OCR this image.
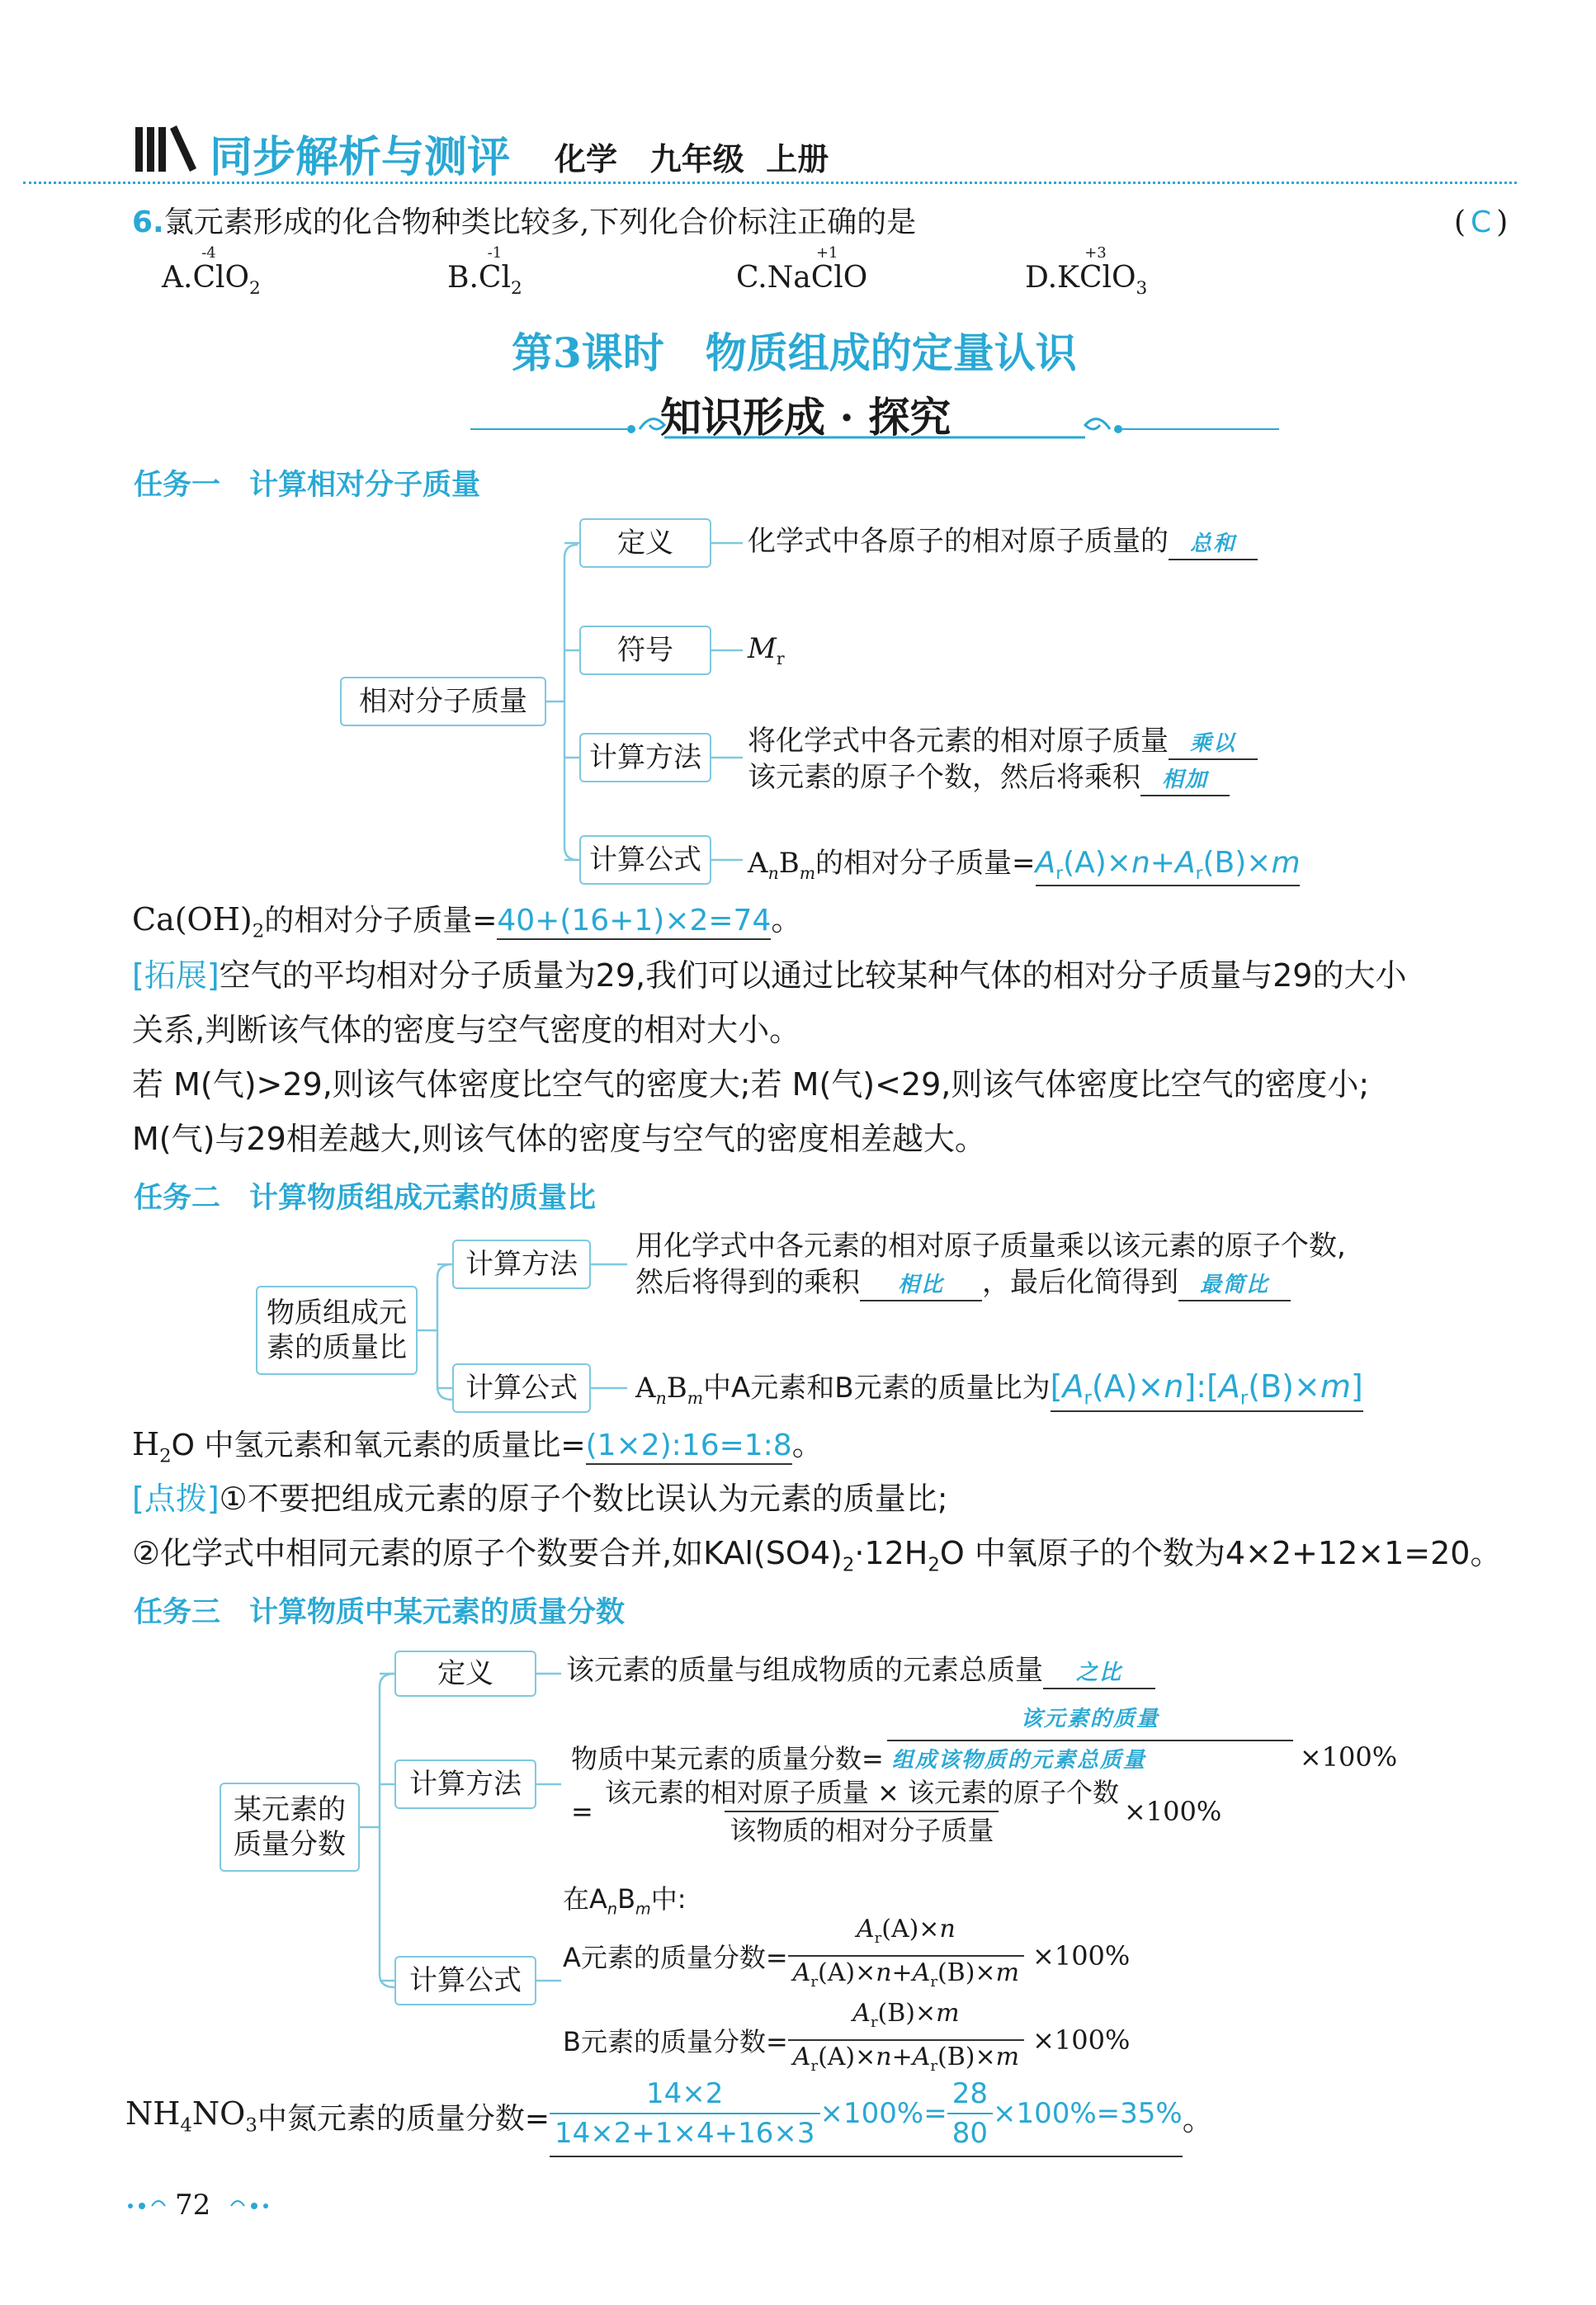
同步解析与测评 化学 九年级 上册
6.氯元素形成的化合物种类比较多,下列化合价标注正确的是	( C )
A.
-4
ClO$_2$	B.
-1
$Cl_2$	C.Na
+1
ClO	D.K
+3
ClO$_3$
第3课时　物质组成的定量认识
知识形成 · 探究
任务一　计算相对分子质量
相对分子质量
定义
符号
计算方法
计算公式
化学式中各原子的相对原子质量的 总和
$M_r$
将化学式中各元素的相对原子质量 乘以
该元素的原子个数，然后将乘积 相加
$A_nB_m$的相对分子质量$=A_r(A)\times n+A_r(B)\times m$
$Ca(OH)_2$的相对分子质量=40+(16+1)×2=74。
[拓展]空气的平均相对分子质量为29,我们可以通过比较某种气体的相对分子质量与29的大小
关系,判断该气体的密度与空气密度的相对大小。
若 M(气)>29,则该气体密度比空气的密度大;若 M(气)<29,则该气体密度比空气的密度小;
M(气)与29相差越大,则该气体的密度与空气的密度相差越大。
任务二　计算物质组成元素的质量比
物质组成元素的质量比
计算方法
计算公式
用化学式中各元素的相对原子质量乘以该元素的原子个数,
然后将得到的乘积 相比 ，最后化简得到 最简比
$A_nB_m$中A元素和B元素的质量比为$[A_r(A)\times n]:[A_r(B)\times m]$
$H_2O$ 中氢元素和氧元素的质量比=(1×2):16=1:8。
[点拨]①不要把组成元素的原子个数比误认为元素的质量比;
②化学式中相同元素的原子个数要合并,如$KAl(SO4)_2\cdot 12H_2O$ 中氧原子的个数为4×2+12×1=20。
任务三　计算物质中某元素的质量分数
某元素的质量分数
定义
计算方法
计算公式
该元素的质量与组成物质的元素总质量 之比
物质中某元素的质量分数= $\frac{\text{该元素的质量}}{\text{组成该物质的元素总质量}} \times 100\%$
= $\frac{\text{该元素的相对原子质量 × 该元素的原子个数}}{\text{该物质的相对分子质量}} \times 100\%$
在$A_nB_m$中:
A元素的质量分数= $\frac{A_r(A)\times n}{A_r(A)\times n+A_r(B)\times m} \times 100\%$
B元素的质量分数= $\frac{A_r(B)\times m}{A_r(A)\times n+A_r(B)\times m} \times 100\%$
$NH_4NO_3$ 中氮元素的质量分数= $\frac{14\times 2}{14\times 2+1\times 4+16\times 3} \times 100\%= \frac{28}{80} \times 100\%=35\%$ 。
72
